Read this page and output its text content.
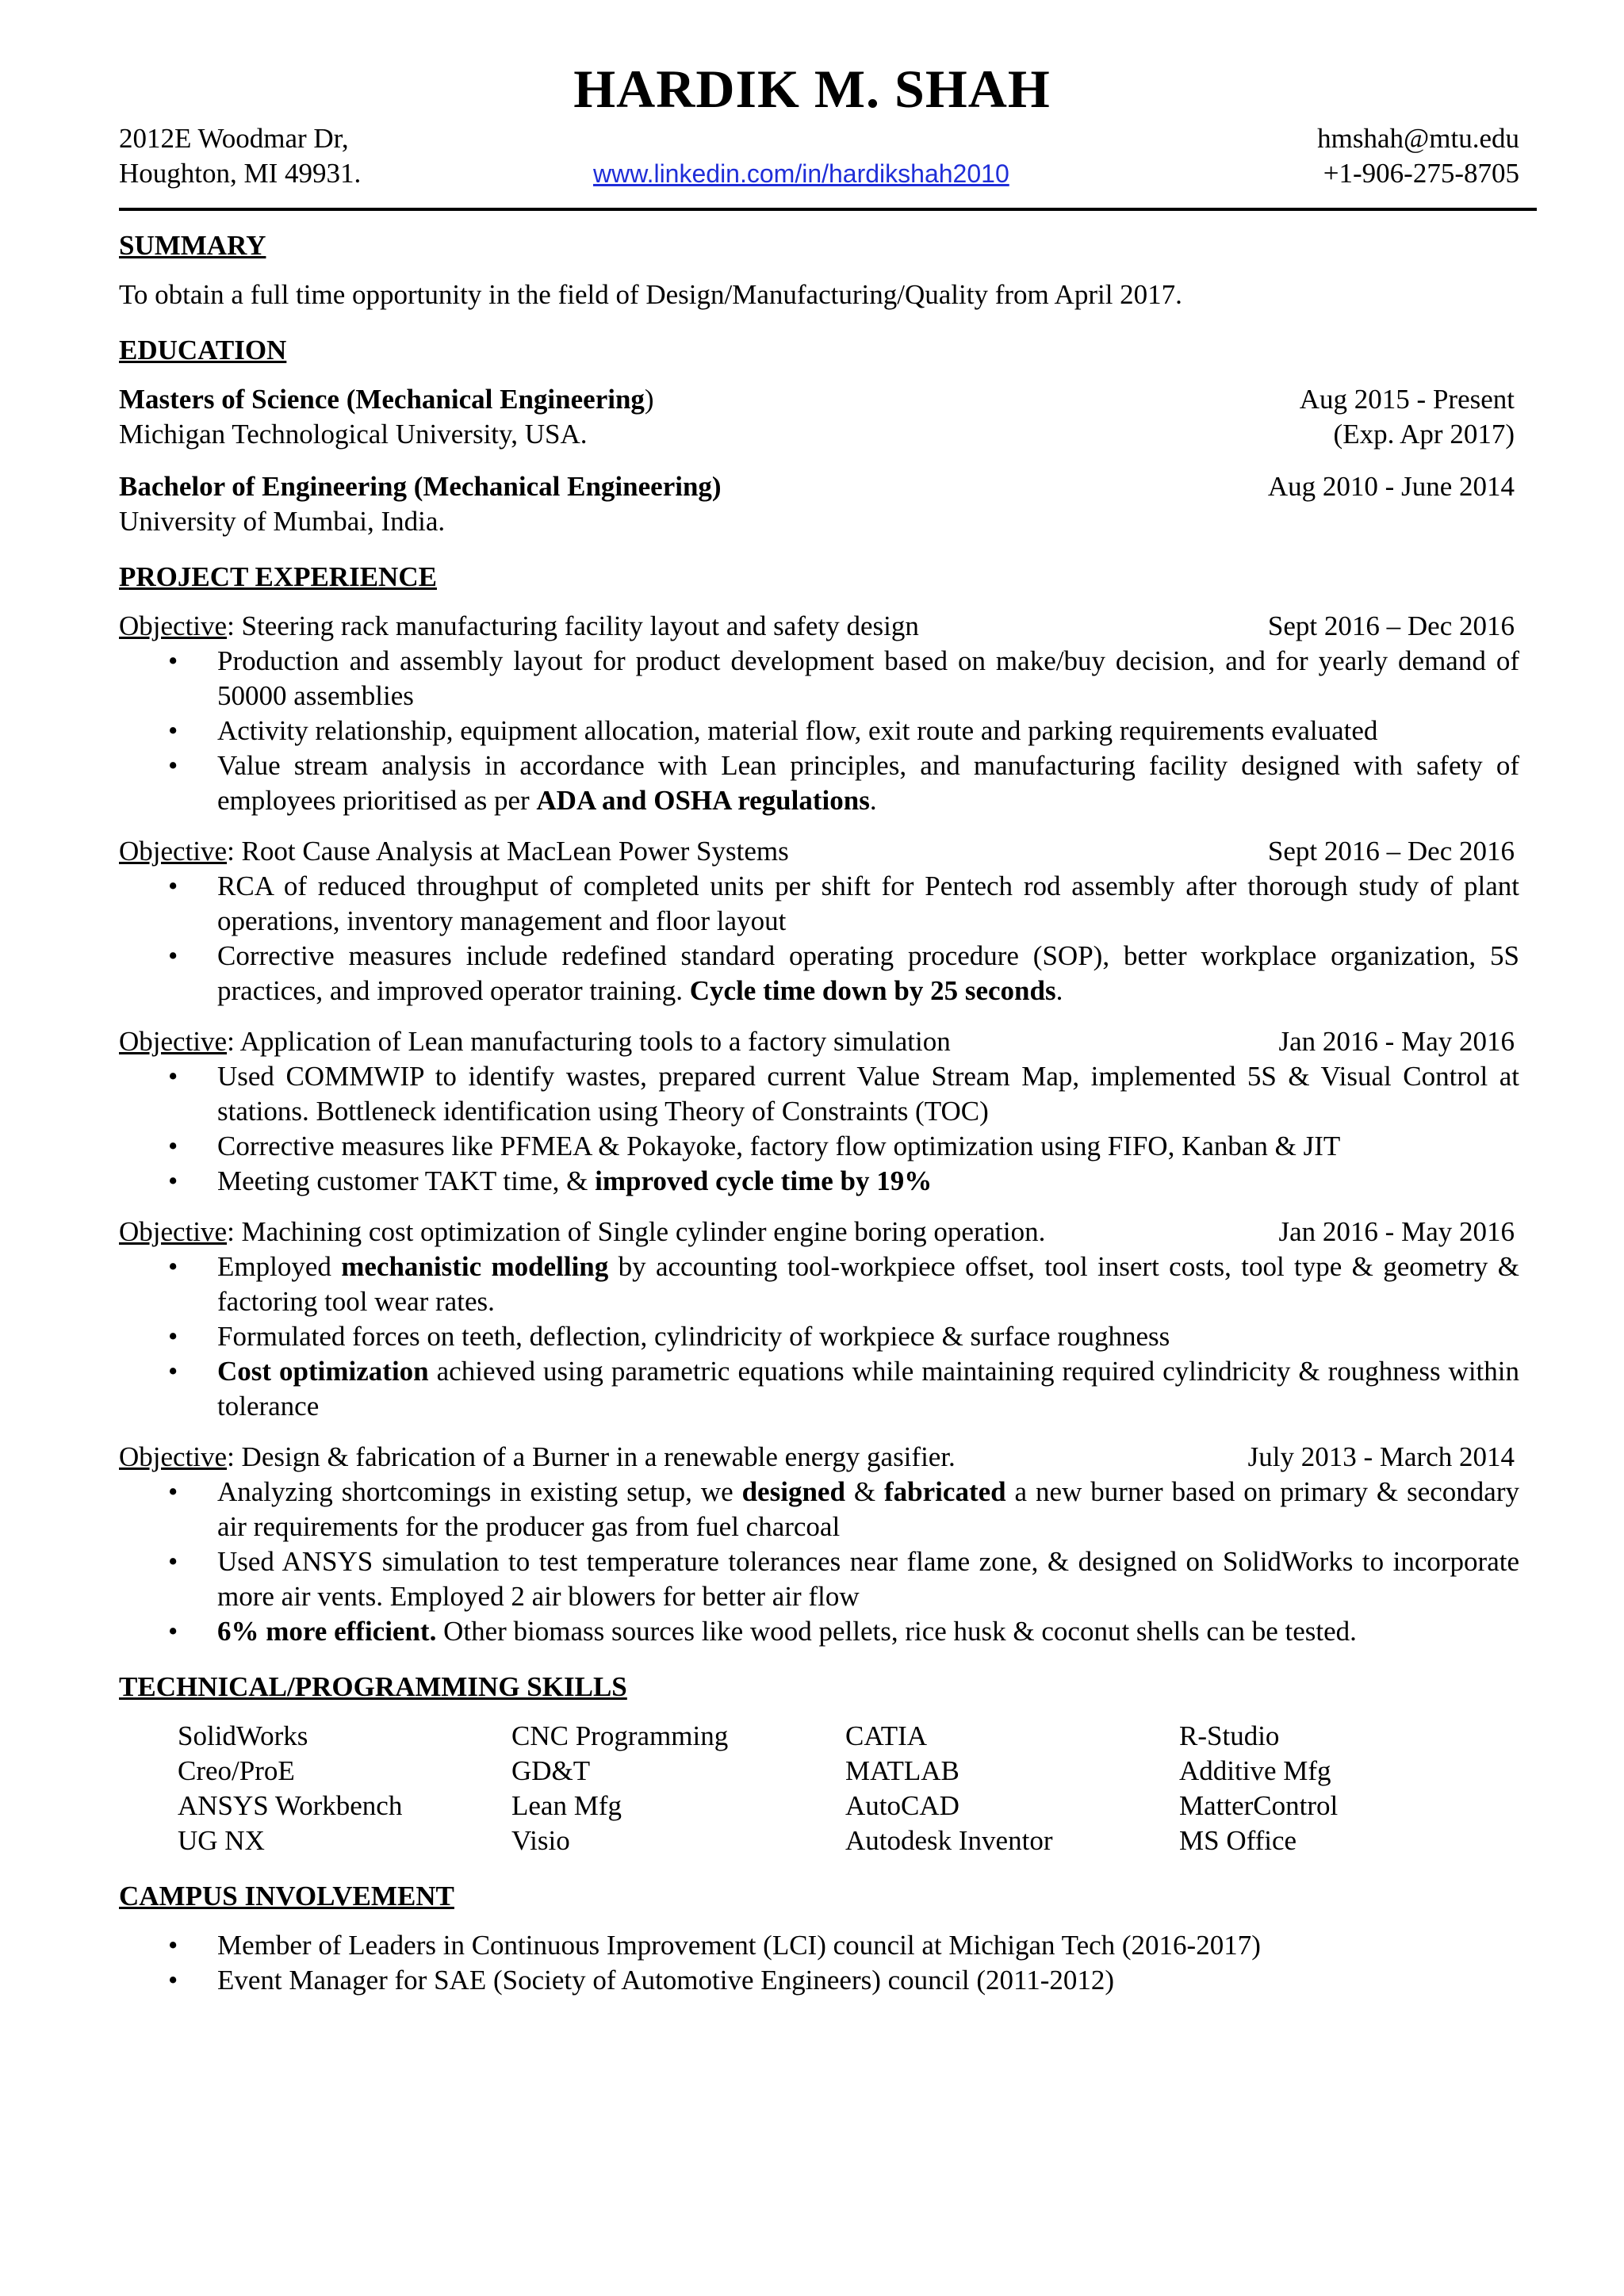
HARDIK M. SHAH
2012E Woodmar Dr,
Houghton, MI 49931.	www.linkedin.com/in/hardikshah2010
hmshah@mtu.edu
+1-906-275-8705
SUMMARY

To obtain a full time opportunity in the field of Design/Manufacturing/Quality from April 2017.

EDUCATION
Masters of Science (Mechanical Engineering)	Aug 2015 - Present
Michigan Technological University, USA.	(Exp. Apr 2017)
Bachelor of Engineering (Mechanical Engineering)	Aug 2010 - June 2014
University of Mumbai, India.
PROJECT EXPERIENCE
Objective: Steering rack manufacturing facility layout and safety design	Sept 2016 – Dec 2016
• Production and assembly layout for product development based on make/buy decision, and for yearly demand of 50000 assemblies
• Activity relationship, equipment allocation, material flow, exit route and parking requirements evaluated
• Value stream analysis in accordance with Lean principles, and manufacturing facility designed with safety of employees prioritised as per ADA and OSHA regulations.
Objective: Root Cause Analysis at MacLean Power Systems	Sept 2016 – Dec 2016
• RCA of reduced throughput of completed units per shift for Pentech rod assembly after thorough study of plant operations, inventory management and floor layout
• Corrective measures include redefined standard operating procedure (SOP), better workplace organization, 5S practices, and improved operator training. Cycle time down by 25 seconds.
Objective: Application of Lean manufacturing tools to a factory simulation	Jan 2016 - May 2016
• Used COMMWIP to identify wastes, prepared current Value Stream Map, implemented 5S & Visual Control at stations. Bottleneck identification using Theory of Constraints (TOC)
• Corrective measures like PFMEA & Pokayoke, factory flow optimization using FIFO, Kanban & JIT
• Meeting customer TAKT time, & improved cycle time by 19%
Objective: Machining cost optimization of Single cylinder engine boring operation.	Jan 2016 - May 2016
• Employed mechanistic modelling by accounting tool-workpiece offset, tool insert costs, tool type & geometry & factoring tool wear rates.
• Formulated forces on teeth, deflection, cylindricity of workpiece & surface roughness
• Cost optimization achieved using parametric equations while maintaining required cylindricity & roughness within tolerance
Objective: Design & fabrication of a Burner in a renewable energy gasifier.	July 2013 - March 2014
• Analyzing shortcomings in existing setup, we designed & fabricated a new burner based on primary & secondary air requirements for the producer gas from fuel charcoal
• Used ANSYS simulation to test temperature tolerances near flame zone, & designed on SolidWorks to incorporate more air vents. Employed 2 air blowers for better air flow
• 6% more efficient. Other biomass sources like wood pellets, rice husk & coconut shells can be tested.
TECHNICAL/PROGRAMMING SKILLS
SolidWorks	CNC Programming	CATIA	R-Studio
Creo/ProE	GD&T	MATLAB	Additive Mfg
ANSYS Workbench	Lean Mfg	AutoCAD	MatterControl
UG NX	Visio	Autodesk Inventor	MS Office
CAMPUS INVOLVEMENT
• Member of Leaders in Continuous Improvement (LCI) council at Michigan Tech (2016-2017)
• Event Manager for SAE (Society of Automotive Engineers) council (2011-2012)
